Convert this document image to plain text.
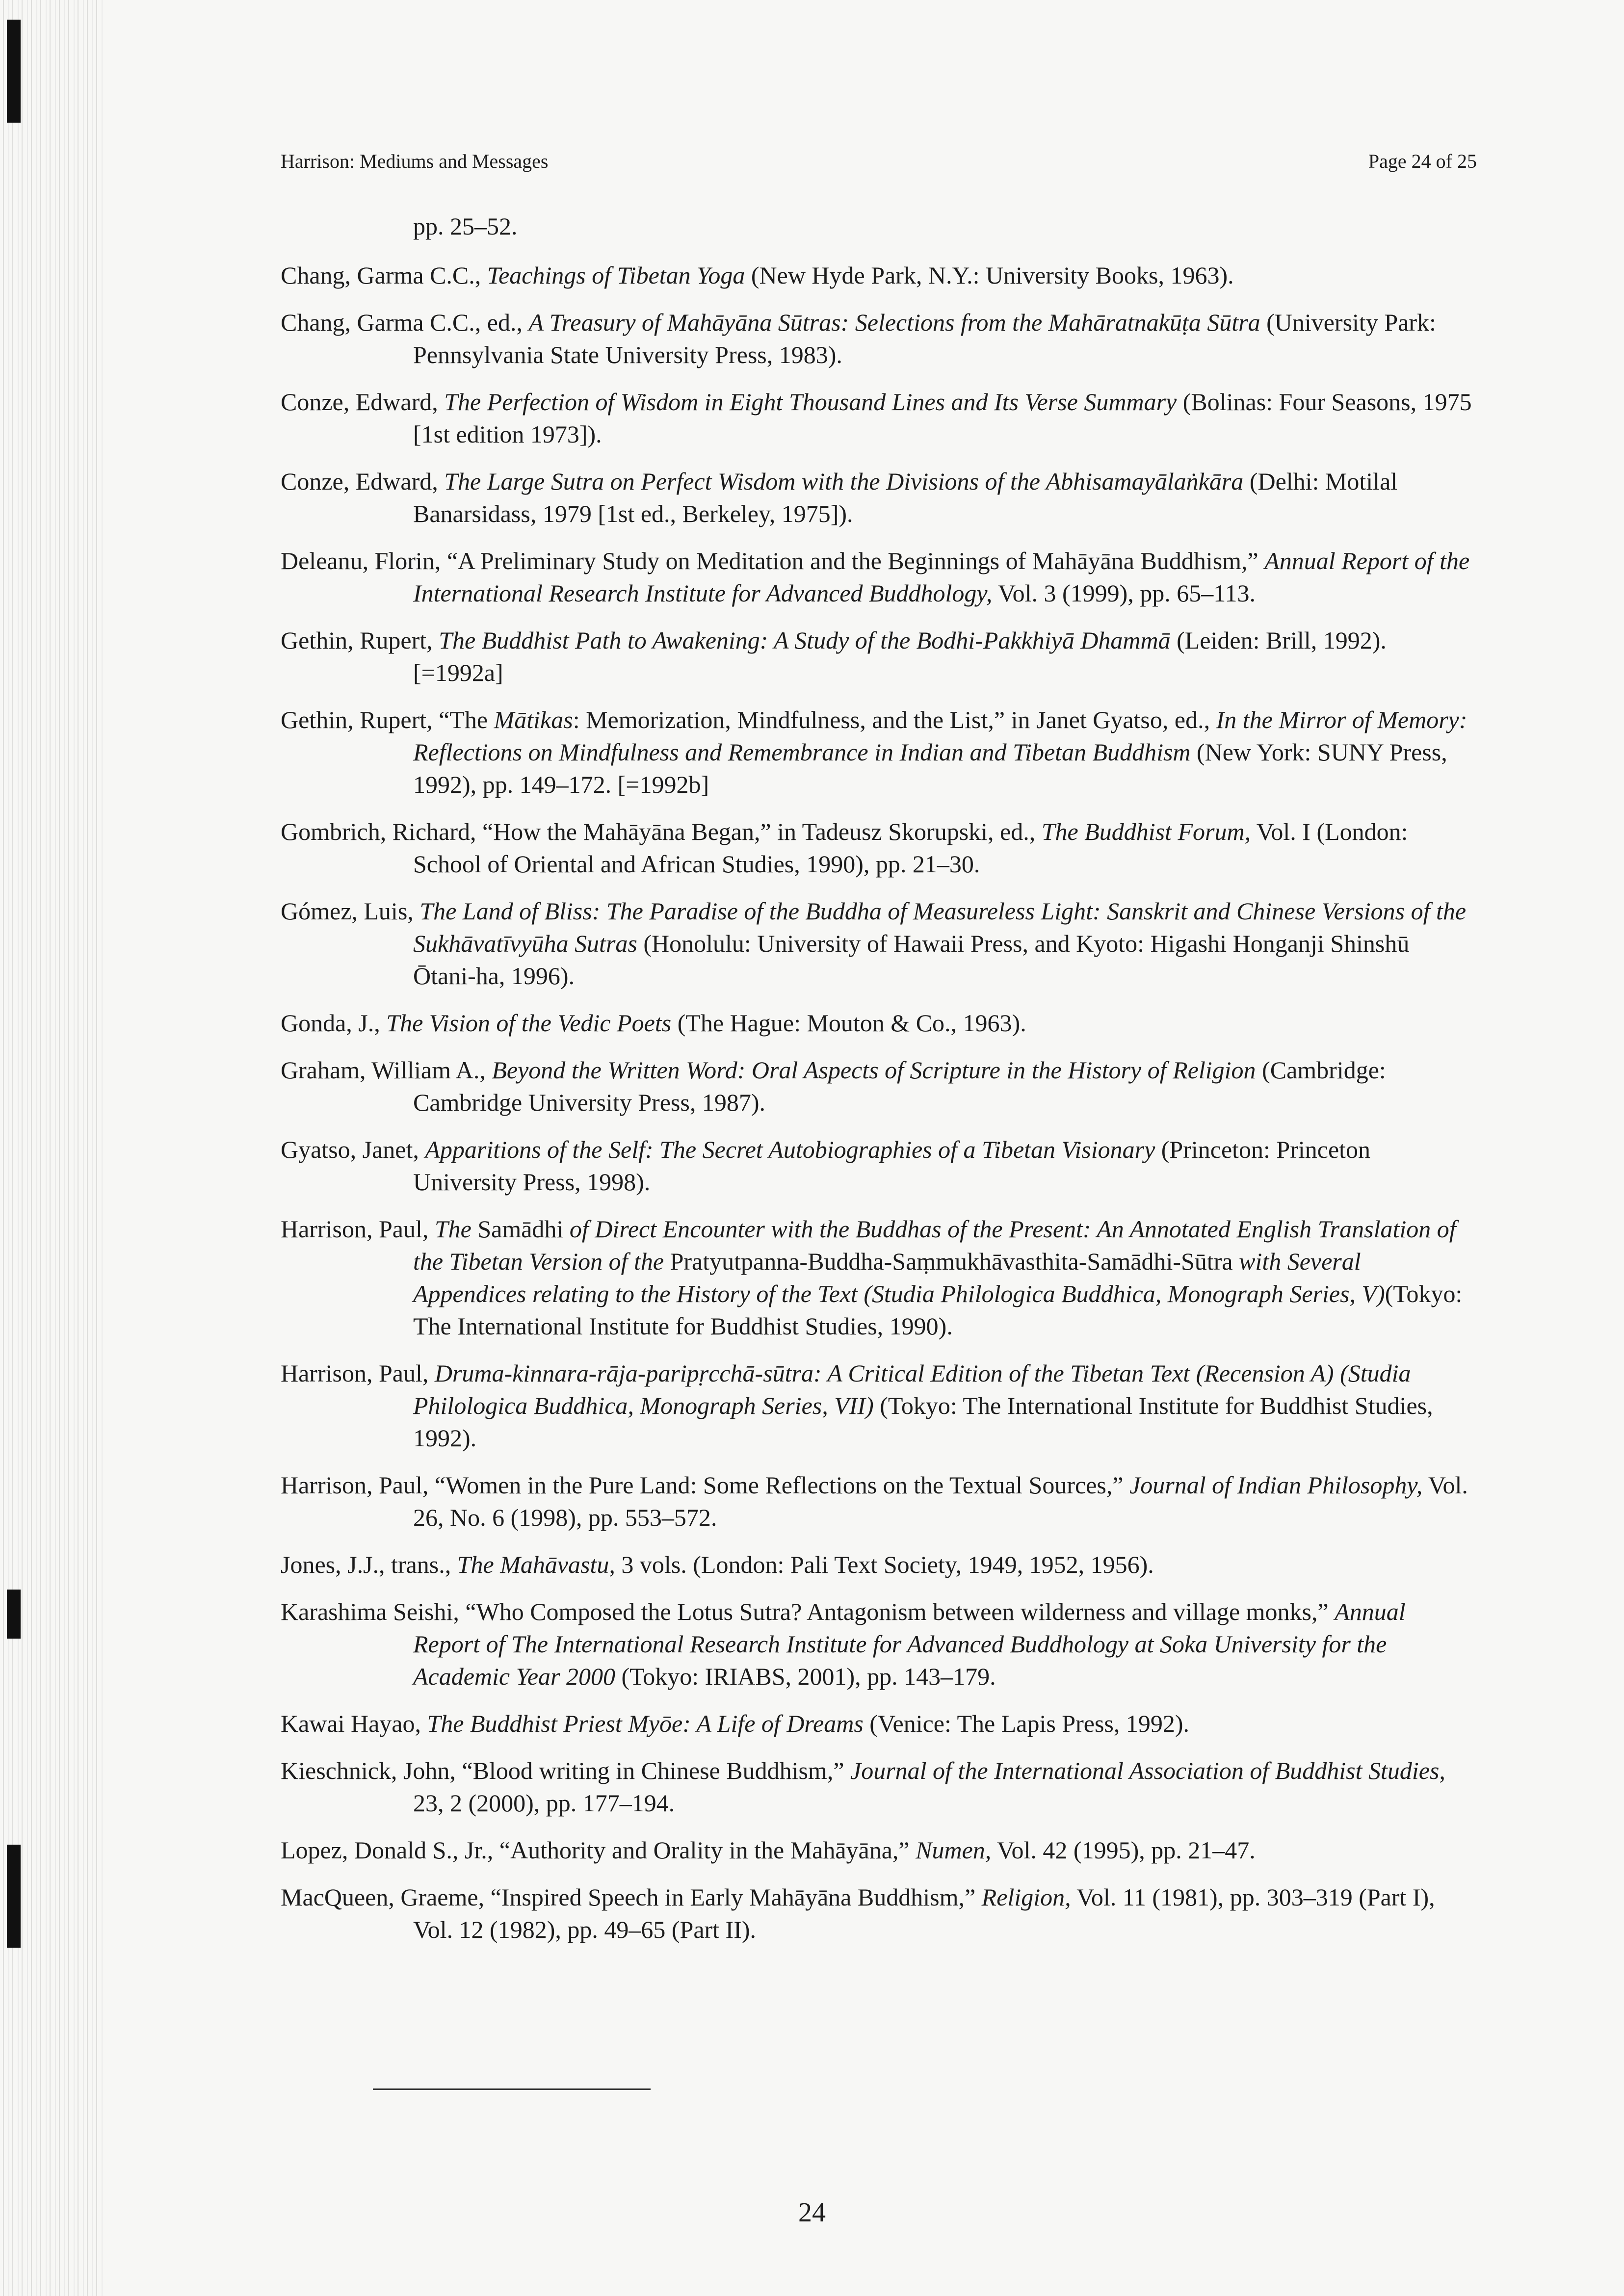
Harrison: Mediums and Messages	Page 24 of 25

pp. 25–52.

Chang, Garma C.C., Teachings of Tibetan Yoga (New Hyde Park, N.Y.: University Books, 1963).

Chang, Garma C.C., ed., A Treasury of Mahāyāna Sūtras: Selections from the Mahāratnakūṭa Sūtra (University Park: Pennsylvania State University Press, 1983).

Conze, Edward, The Perfection of Wisdom in Eight Thousand Lines and Its Verse Summary (Bolinas: Four Seasons, 1975 [1st edition 1973]).

Conze, Edward, The Large Sutra on Perfect Wisdom with the Divisions of the Abhisamayālaṅkāra (Delhi: Motilal Banarsidass, 1979 [1st ed., Berkeley, 1975]).

Deleanu, Florin, “A Preliminary Study on Meditation and the Beginnings of Mahāyāna Buddhism,” Annual Report of the International Research Institute for Advanced Buddhology, Vol. 3 (1999), pp. 65–113.

Gethin, Rupert, The Buddhist Path to Awakening: A Study of the Bodhi-Pakkhiyā Dhammā (Leiden: Brill, 1992). [=1992a]

Gethin, Rupert, “The Mātikas: Memorization, Mindfulness, and the List,” in Janet Gyatso, ed., In the Mirror of Memory: Reflections on Mindfulness and Remembrance in Indian and Tibetan Buddhism (New York: SUNY Press, 1992), pp. 149–172. [=1992b]

Gombrich, Richard, “How the Mahāyāna Began,” in Tadeusz Skorupski, ed., The Buddhist Forum, Vol. I (London: School of Oriental and African Studies, 1990), pp. 21–30.

Gómez, Luis, The Land of Bliss: The Paradise of the Buddha of Measureless Light: Sanskrit and Chinese Versions of the Sukhāvatīvyūha Sutras (Honolulu: University of Hawaii Press, and Kyoto: Higashi Honganji Shinshū Ōtani-ha, 1996).

Gonda, J., The Vision of the Vedic Poets (The Hague: Mouton & Co., 1963).

Graham, William A., Beyond the Written Word: Oral Aspects of Scripture in the History of Religion (Cambridge: Cambridge University Press, 1987).

Gyatso, Janet, Apparitions of the Self: The Secret Autobiographies of a Tibetan Visionary (Princeton: Princeton University Press, 1998).

Harrison, Paul, The Samādhi of Direct Encounter with the Buddhas of the Present: An Annotated English Translation of the Tibetan Version of the Pratyutpanna-Buddha-Saṃmukhāvasthita-Samādhi-Sūtra with Several Appendices relating to the History of the Text (Studia Philologica Buddhica, Monograph Series, V)(Tokyo: The International Institute for Buddhist Studies, 1990).

Harrison, Paul, Druma-kinnara-rāja-paripṛcchā-sūtra: A Critical Edition of the Tibetan Text (Recension A) (Studia Philologica Buddhica, Monograph Series, VII) (Tokyo: The International Institute for Buddhist Studies, 1992).

Harrison, Paul, “Women in the Pure Land: Some Reflections on the Textual Sources,” Journal of Indian Philosophy, Vol. 26, No. 6 (1998), pp. 553–572.

Jones, J.J., trans., The Mahāvastu, 3 vols. (London: Pali Text Society, 1949, 1952, 1956).

Karashima Seishi, “Who Composed the Lotus Sutra? Antagonism between wilderness and village monks,” Annual Report of The International Research Institute for Advanced Buddhology at Soka University for the Academic Year 2000 (Tokyo: IRIABS, 2001), pp. 143–179.

Kawai Hayao, The Buddhist Priest Myōe: A Life of Dreams (Venice: The Lapis Press, 1992).

Kieschnick, John, “Blood writing in Chinese Buddhism,” Journal of the International Association of Buddhist Studies, 23, 2 (2000), pp. 177–194.

Lopez, Donald S., Jr., “Authority and Orality in the Mahāyāna,” Numen, Vol. 42 (1995), pp. 21–47.

MacQueen, Graeme, “Inspired Speech in Early Mahāyāna Buddhism,” Religion, Vol. 11 (1981), pp. 303–319 (Part I), Vol. 12 (1982), pp. 49–65 (Part II).

24
